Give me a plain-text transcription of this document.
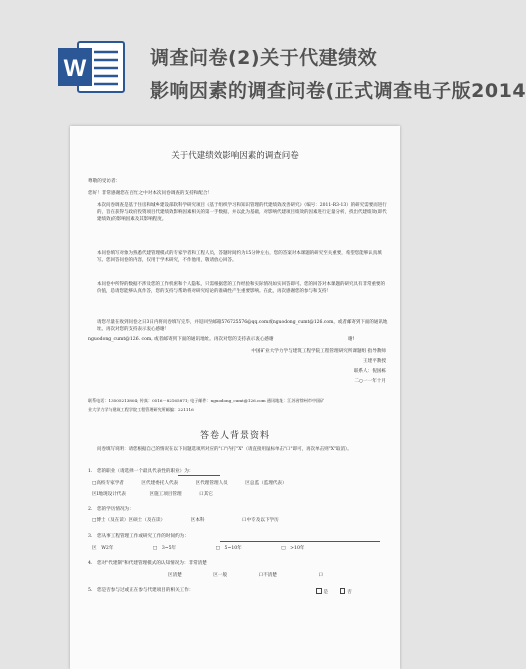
W	调查问卷(2)关于代建绩效
影响因素的调查问卷(正式调查电子版2014
关于代建绩效影响因素的调查问卷
尊敬的受访者：
您好！非常感谢您在百忙之中对本次问卷调查的支持和配合！
本次问卷调查是基于住房和城乡建设部软科学研究项目《基于组织学习和知识管理的代建绩效改善研究》（编号：2011-R3-13）的研究需要而进行的，旨在获得与政府投资项目代建绩效影响因素相关的第一手数据，并以此为基础，对影响代建项目绩效的因素进行定量分析，找出代建绩效(即代建绩效)的影响因素及其影响程度。
本问卷填写对象为熟悉代建管理模式的专家学者和工程人员，答题时间约为15分钟左右，您的答案对本课题的研究至关重要，希望您能够认真填写。您回答问卷的内容，仅用于学术研究，不作他用，敬请放心回答。
本问卷中所得的数据不涉及您的工作机密和个人隐私，只需根据您的工作经验和实际情况如实回答即可。您的回答对本课题的研究具有非常重要的价值，恳请您能够认真作答，您的支持与帮助将对研究结论的准确性产生重要影响。在此，再次感谢您的参与和支持！
请您尽量在收到问卷之日3日内将问卷填写完毕，并返回至邮箱576725576@qq.com或nguodong_cumt@126.com，或者邮寄到下面的通讯地址。再次对您的支持表示衷心感谢！
nguodong_cumt@126. com, 或者邮寄到下面的通讯地址。再次对您的支持表示衷心感谢	谢!
中国矿业大学力学与建筑工程学院工程管理研究所课题组 指导教师
王建平教授
联系人：倪国栋
二○一一年十月
联系电话：13505213804; 传真：0516－82165871; 电子邮件：nguodong_cumt@126.com 通讯地址：江苏省徐州市中国矿
业大学力学与建筑工程学院工程管理研究所邮编：221116
答卷人背景资料
问卷填写说明：请您根据自己的情况在以下问题选项所对应的"口"内打"X"（请直接用鼠标单击"口"即可，再次单击则"X"取消）。
1.　您的职业（请选择一个最具代表性的职业）为：
□高校专家学者	区代建委托人代表	区代理管理人员	区总监（监理代表）
区I地现设计代表	区施工项目管理	口其它
2.　您的学历情况为：
□博士（及在读）区硕士（及在读）	区本科	口中专及以下学历
3.　您从事工程管理工作或研究工作的时间约为：
区　W2年	□　3~5年	□　5~10年	□　>10年
4.　您对"代建制"和代建管理模式的认知情况为：非常清楚
区清楚	区一般	口不清楚	口
5.　您是否参与过或正在参与代建项目的相关工作：	是	否
